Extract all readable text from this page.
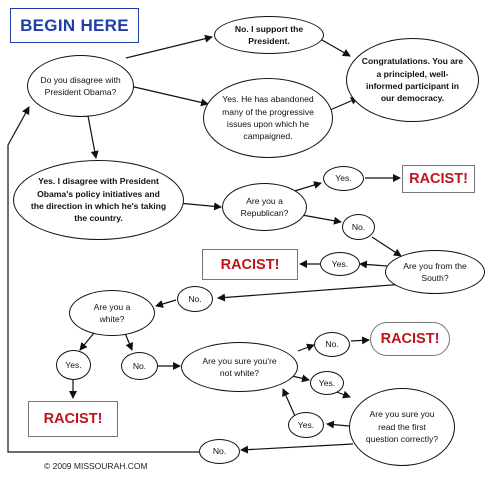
BEGIN HERE
Do you disagree with President Obama?
No. I support the President.
Yes. He has abandoned many of the progressive issues upon which he campaigned.
Congratulations. You are a principled, well-informed participant in our democracy.
Yes. I disagree with President Obama's policy initiatives and the direction in which he's taking the country.
Are you a Republican?
Yes.	RACIST!
No.
Are you from the South?
Yes.
RACIST!
No.
Are you a white?
Yes.	No.
RACIST!
Are you sure you're not white?
No.	RACIST!
Yes.
Are you sure you read the first question correctly?
Yes.
No.
© 2009 MISSOURAH.COM
